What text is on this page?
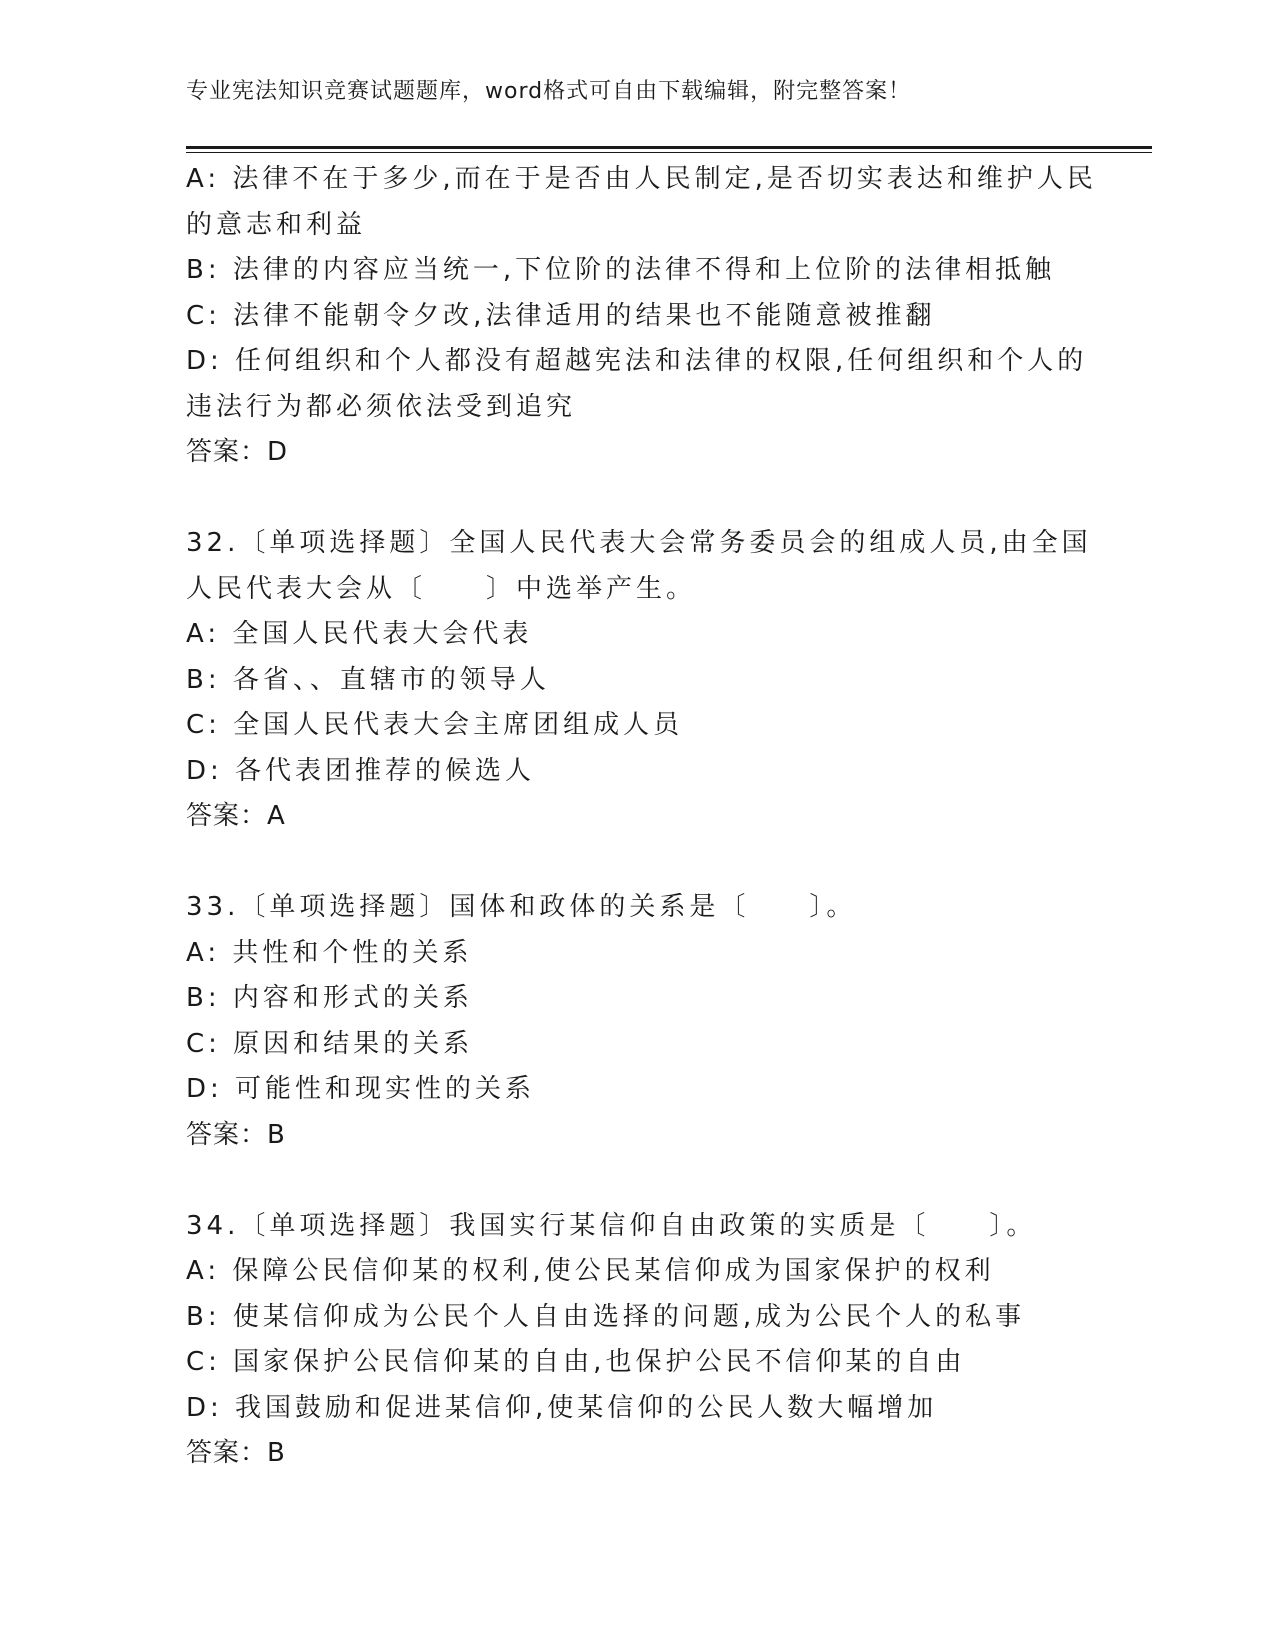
专业宪法知识竞赛试题题库，word格式可自由下载编辑，附完整答案！
A: 法律不在于多少,而在于是否由人民制定,是否切实表达和维护人民
的意志和利益
B: 法律的内容应当统一,下位阶的法律不得和上位阶的法律相抵触
C: 法律不能朝令夕改,法律适用的结果也不能随意被推翻
D: 任何组织和个人都没有超越宪法和法律的权限,任何组织和个人的
违法行为都必须依法受到追究
答案：D
32.〔单项选择题〕全国人民代表大会常务委员会的组成人员,由全国
人民代表大会从〔　　〕中选举产生。
A: 全国人民代表大会代表
B: 各省、、直辖市的领导人
C: 全国人民代表大会主席团组成人员
D: 各代表团推荐的候选人
答案：A
33.〔单项选择题〕国体和政体的关系是〔　　〕。
A: 共性和个性的关系
B: 内容和形式的关系
C: 原因和结果的关系
D: 可能性和现实性的关系
答案：B
34.〔单项选择题〕我国实行某信仰自由政策的实质是〔　　〕。
A: 保障公民信仰某的权利,使公民某信仰成为国家保护的权利
B: 使某信仰成为公民个人自由选择的问题,成为公民个人的私事
C: 国家保护公民信仰某的自由,也保护公民不信仰某的自由
D: 我国鼓励和促进某信仰,使某信仰的公民人数大幅增加
答案：B
